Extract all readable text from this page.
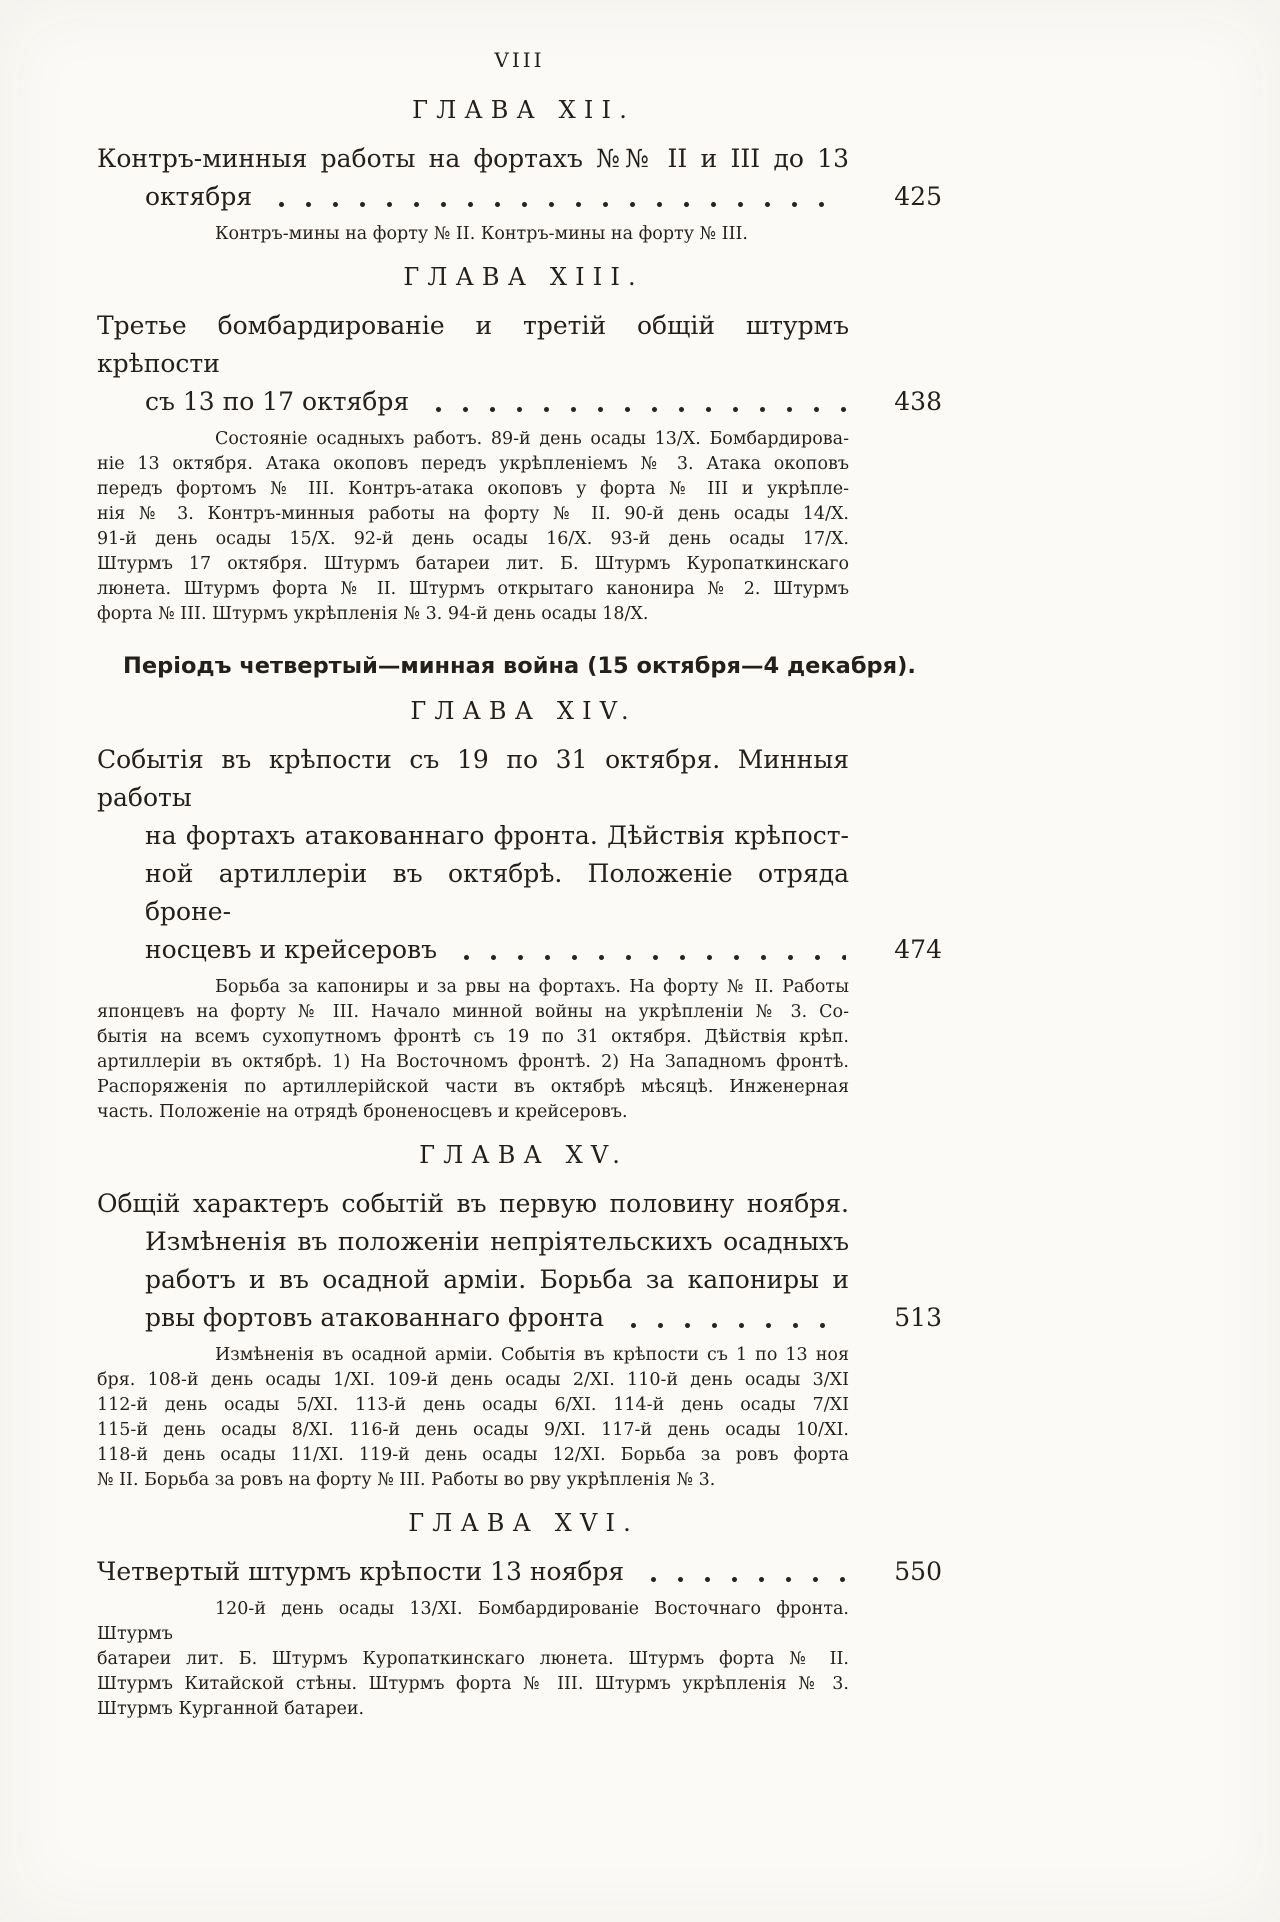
VIII
ГЛАВА XII.
Контръ-минныя работы на фортахъ №№ II и III до 13
октября	425
Контръ-мины на форту № II. Контръ-мины на форту № III.
ГЛАВА XIII.
Третье бомбардированіе и третій общій штурмъ крѣпости
съ 13 по 17 октября	438
Состояніе осадныхъ работъ. 89-й день осады 13/X. Бомбардирова-
ніе 13 октября. Атака окоповъ передъ укрѣпленіемъ № 3. Атака окоповъ
передъ фортомъ № III. Контръ-атака окоповъ у форта № III и укрѣпле-
нія № 3. Контръ-минныя работы на форту № II. 90-й день осады 14/X.
91-й день осады 15/X. 92-й день осады 16/X. 93-й день осады 17/X.
Штурмъ 17 октября. Штурмъ батареи лит. Б. Штурмъ Куропаткинскаго
люнета. Штурмъ форта № II. Штурмъ открытаго канонира № 2. Штурмъ
форта № III. Штурмъ укрѣпленія № 3. 94-й день осады 18/X.
Періодъ четвертый—минная война (15 октября—4 декабря).
ГЛАВА XIV.
Событія въ крѣпости съ 19 по 31 октября. Минныя работы
на фортахъ атакованнаго фронта. Дѣйствія крѣпост-
ной артиллеріи въ октябрѣ. Положеніе отряда броне-
носцевъ и крейсеровъ	474
Борьба за капониры и за рвы на фортахъ. На форту № II. Работы
японцевъ на форту № III. Начало минной войны на укрѣпленіи № 3. Со-
бытія на всемъ сухопутномъ фронтѣ съ 19 по 31 октября. Дѣйствія крѣп.
артиллеріи въ октябрѣ. 1) На Восточномъ фронтѣ. 2) На Западномъ фронтѣ.
Распоряженія по артиллерійской части въ октябрѣ мѣсяцѣ. Инженерная
часть. Положеніе на отрядѣ броненосцевъ и крейсеровъ.
ГЛАВА XV.
Общій характеръ событій въ первую половину ноября.
Измѣненія въ положеніи непріятельскихъ осадныхъ
работъ и въ осадной арміи. Борьба за капониры и
рвы фортовъ атакованнаго фронта	513
Измѣненія въ осадной арміи. Событія въ крѣпости съ 1 по 13 ноя
бря. 108-й день осады 1/XI. 109-й день осады 2/XI. 110-й день осады 3/XI
112-й день осады 5/XI. 113-й день осады 6/XI. 114-й день осады 7/XI
115-й день осады 8/XI. 116-й день осады 9/XI. 117-й день осады 10/XI.
118-й день осады 11/XI. 119-й день осады 12/XI. Борьба за ровъ форта
№ II. Борьба за ровъ на форту № III. Работы во рву укрѣпленія № 3.
ГЛАВА XVI.
Четвертый штурмъ крѣпости 13 ноября	550
120-й день осады 13/XI. Бомбардированіе Восточнаго фронта. Штурмъ
батареи лит. Б. Штурмъ Куропаткинскаго люнета. Штурмъ форта № II.
Штурмъ Китайской стѣны. Штурмъ форта № III. Штурмъ укрѣпленія № 3.
Штурмъ Курганной батареи.
